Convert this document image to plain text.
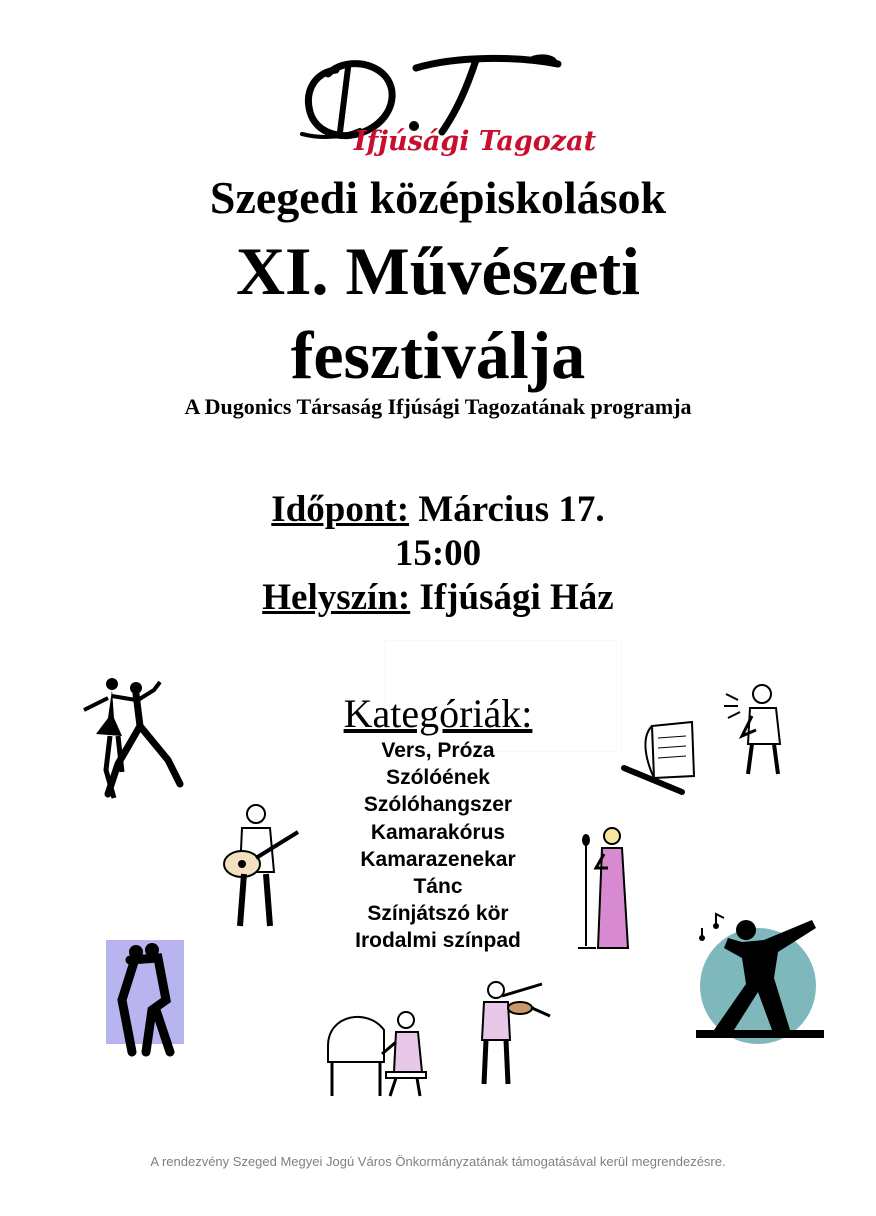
Ifjúsági Tagozat
Szegedi középiskolások
XI. Művészeti
fesztiválja
A Dugonics Társaság Ifjúsági Tagozatának programja
Időpont: Március 17.
15:00
Helyszín: Ifjúsági Ház
Kategóriák:
Vers, Próza
Szólóének
Szólóhangszer
Kamarakórus
Kamarazenekar
Tánc
Színjátszó kör
Irodalmi színpad
A rendezvény Szeged Megyei Jogú Város Önkormányzatának támogatásával kerül megrendezésre.
